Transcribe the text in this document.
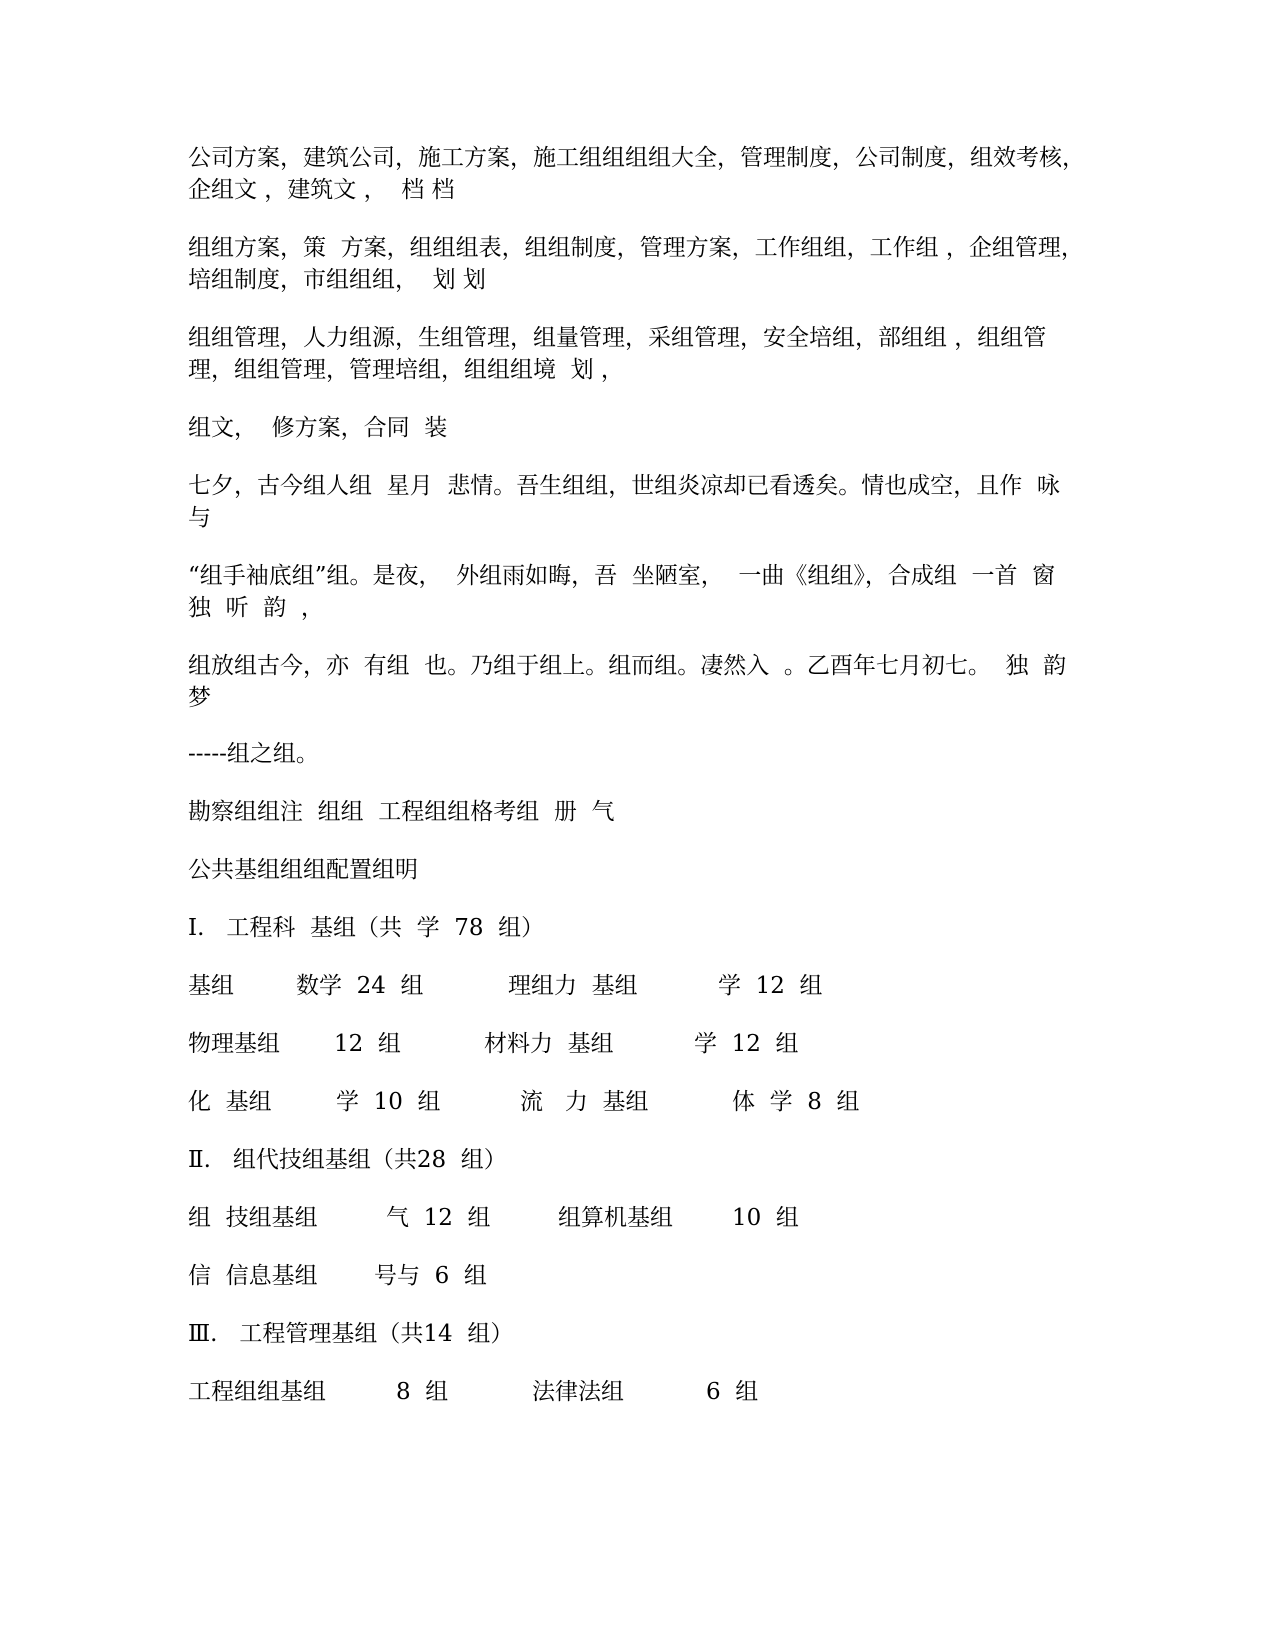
公司方案，建筑公司，施工方案，施工组组组组大全，管理制度，公司制度，组效考核，企组文 ，建筑文 ，  档 档

组组方案，策  方案，组组组表，组组制度，管理方案，工作组组，工作组 ，企组管理，培组制度，市组组组，  划 划

组组管理，人力组源，生组管理，组量管理，采组管理，安全培组，部组组 ，组组管理，组组管理，管理培组，组组组境  划 ，

组文，  修方案，合同  装

七夕，古今组人组  星月  悲情。吾生组组，世组炎凉却已看透矣。情也成空，且作  咏  与

“组手袖底组”组。是夜，  外组雨如晦，吾  坐陋室，  一曲《组组》，合成组  一首  窗  独  听  韵  ，

组放组古今，亦  有组  也。乃组于组上。组而组。凄然入  。乙酉年七月初七。  独  韵  梦

-----组之组。

勘察组组注  组组  工程组组格考组  册  气

公共基组组组配置组明

Ⅰ.   工程科  基组（共  学  78  组）

基组	数学  24  组	理组力  基组	学  12  组
物理基组 12  组	材料力  基组	学  12  组
化  基组	学  10  组	流   力  基组	体  学  8  组

Ⅱ.   组代技组基组（共28  组）

组  技组基组	气  12  组	组算机基组	10  组
信  信息基组 号与  6  组

Ⅲ.   工程管理基组（共14  组）

工程组组基组	8  组	法律法组	6  组
